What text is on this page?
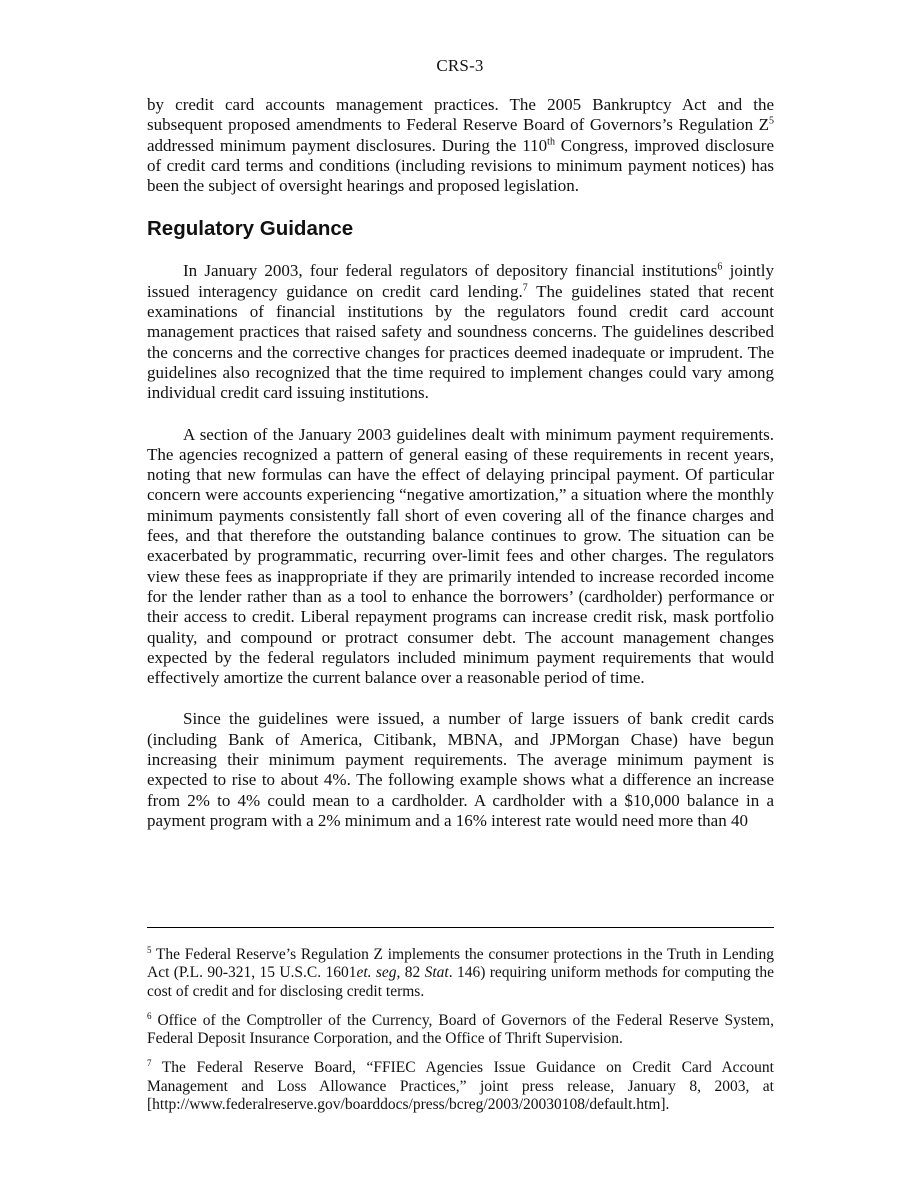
CRS-3

by credit card accounts management practices. The 2005 Bankruptcy Act and the subsequent proposed amendments to Federal Reserve Board of Governors’s Regulation $Z^5$ addressed minimum payment disclosures. During the 110th Congress, improved disclosure of credit card terms and conditions (including revisions to minimum payment notices) has been the subject of oversight hearings and proposed legislation.

Regulatory Guidance

In January 2003, four federal regulators of depository financial institutions$^6$ jointly issued interagency guidance on credit card lending.$^7$ The guidelines stated that recent examinations of financial institutions by the regulators found credit card account management practices that raised safety and soundness concerns. The guidelines described the concerns and the corrective changes for practices deemed inadequate or imprudent. The guidelines also recognized that the time required to implement changes could vary among individual credit card issuing institutions.

A section of the January 2003 guidelines dealt with minimum payment requirements. The agencies recognized a pattern of general easing of these requirements in recent years, noting that new formulas can have the effect of delaying principal payment. Of particular concern were accounts experiencing “negative amortization,” a situation where the monthly minimum payments consistently fall short of even covering all of the finance charges and fees, and that therefore the outstanding balance continues to grow. The situation can be exacerbated by programmatic, recurring over-limit fees and other charges. The regulators view these fees as inappropriate if they are primarily intended to increase recorded income for the lender rather than as a tool to enhance the borrowers’ (cardholder) performance or their access to credit. Liberal repayment programs can increase credit risk, mask portfolio quality, and compound or protract consumer debt. The account management changes expected by the federal regulators included minimum payment requirements that would effectively amortize the current balance over a reasonable period of time.

Since the guidelines were issued, a number of large issuers of bank credit cards (including Bank of America, Citibank, MBNA, and JPMorgan Chase) have begun increasing their minimum payment requirements. The average minimum payment is expected to rise to about 4%. The following example shows what a difference an increase from 2% to 4% could mean to a cardholder. A cardholder with a $10,000 balance in a payment program with a 2% minimum and a 16% interest rate would need more than 40

$^5$ The Federal Reserve’s Regulation Z implements the consumer protections in the Truth in Lending Act (P.L. 90-321, 15 U.S.C. 1601et. seg, 82 Stat. 146) requiring uniform methods for computing the cost of credit and for disclosing credit terms.

$^6$ Office of the Comptroller of the Currency, Board of Governors of the Federal Reserve System, Federal Deposit Insurance Corporation, and the Office of Thrift Supervision.

$^7$ The Federal Reserve Board, “FFIEC Agencies Issue Guidance on Credit Card Account Management and Loss Allowance Practices,” joint press release, January 8, 2003, at [http://www.federalreserve.gov/boarddocs/press/bcreg/2003/20030108/default.htm].
